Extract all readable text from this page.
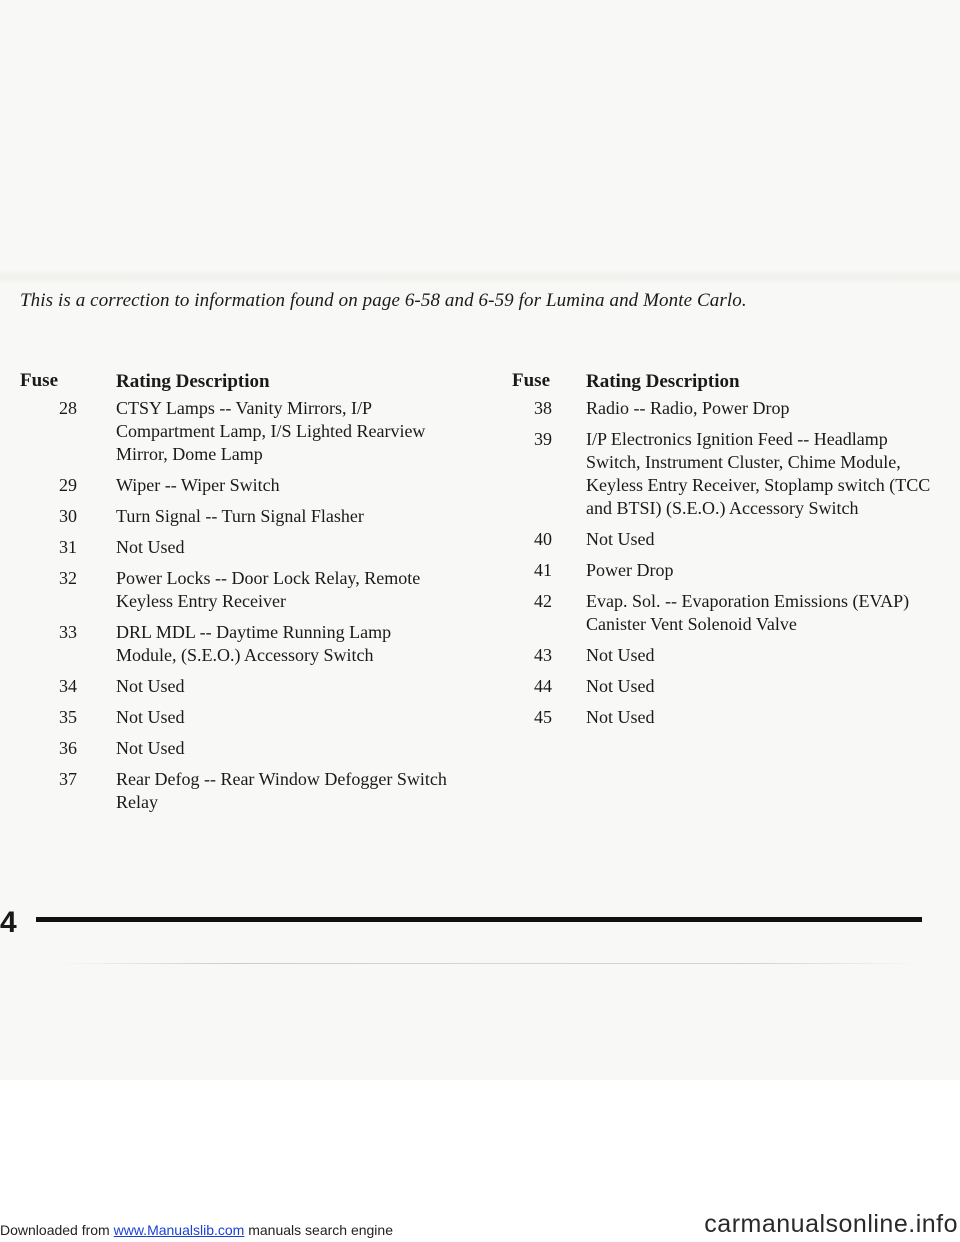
This is a correction to information found on page 6-58 and 6-59 for Lumina and Monte Carlo.
Fuse	Rating Description
28	CTSY Lamps -- Vanity Mirrors, I/P Compartment Lamp, I/S Lighted Rearview Mirror, Dome Lamp
29	Wiper -- Wiper Switch
30	Turn Signal -- Turn Signal Flasher
31	Not Used
32	Power Locks -- Door Lock Relay, Remote Keyless Entry Receiver
33	DRL MDL -- Daytime Running Lamp Module, (S.E.O.) Accessory Switch
34	Not Used
35	Not Used
36	Not Used
37	Rear Defog -- Rear Window Defogger Switch Relay
Fuse	Rating Description
38	Radio -- Radio, Power Drop
39	I/P Electronics Ignition Feed -- Headlamp Switch, Instrument Cluster, Chime Module, Keyless Entry Receiver, Stoplamp switch (TCC and BTSI) (S.E.O.) Accessory Switch
40	Not Used
41	Power Drop
42	Evap. Sol. -- Evaporation Emissions (EVAP) Canister Vent Solenoid Valve
43	Not Used
44	Not Used
45	Not Used
4
Downloaded from www.Manualslib.com manuals search engine	carmanualsonline.info
